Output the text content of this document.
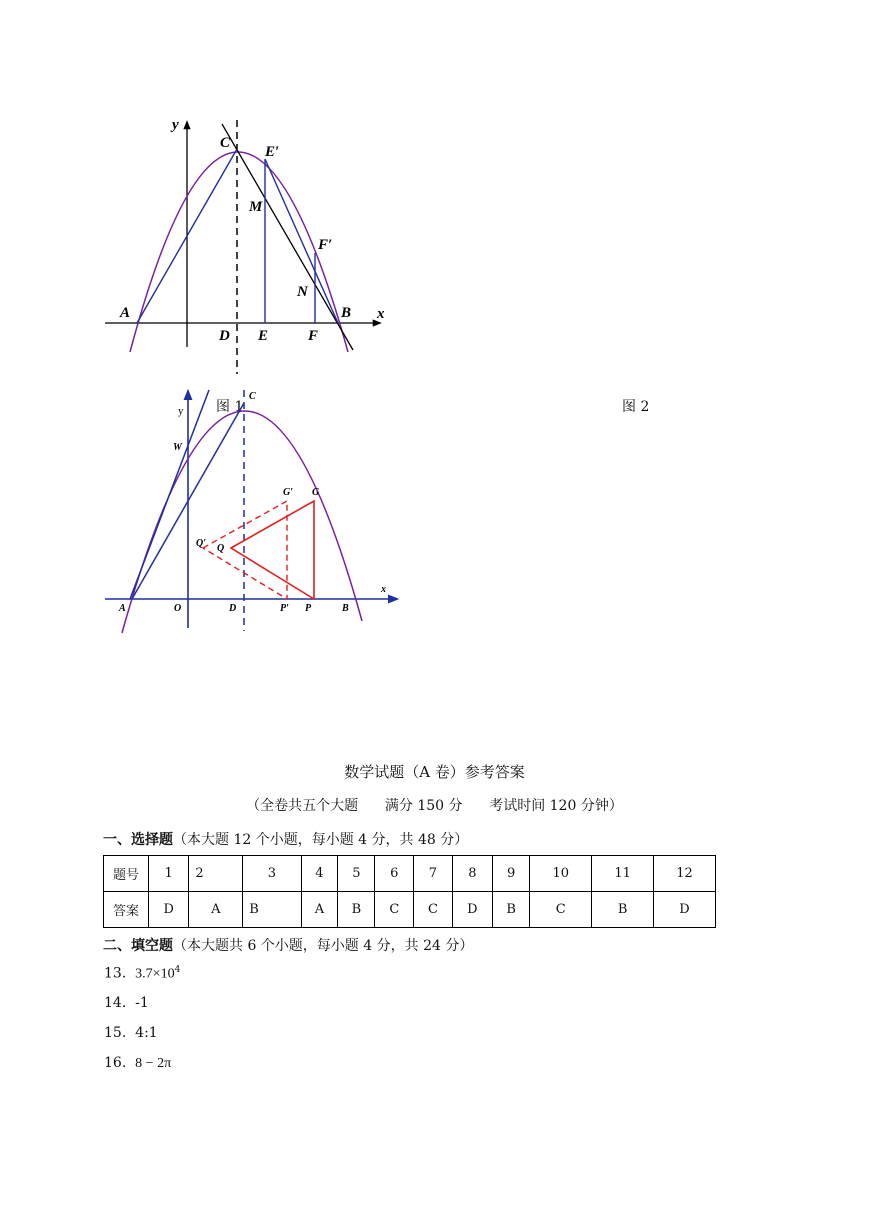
y
x
C
E′
M
F′
N
A	B
D E	F
图 1	图 2
y
x
C
W
G′ G
Q′ Q
A	O	D	P′ P	B
数学试题（A 卷）参考答案
（全卷共五个大题      满分 150 分      考试时间 120 分钟）
一、选择题（本大题 12 个小题，每小题 4 分，共 48 分）
题号	1	2	3	4	5	6	7	8	9	10	11	12
答案	D	A	B	A	B	C	C	D	B	C	B	D
二、填空题（本大题共 6 个小题，每小题 4 分，共 24 分）
13. $3.7\times 10^4$
14. -1
15. 4:1
16. 8 − 2π
